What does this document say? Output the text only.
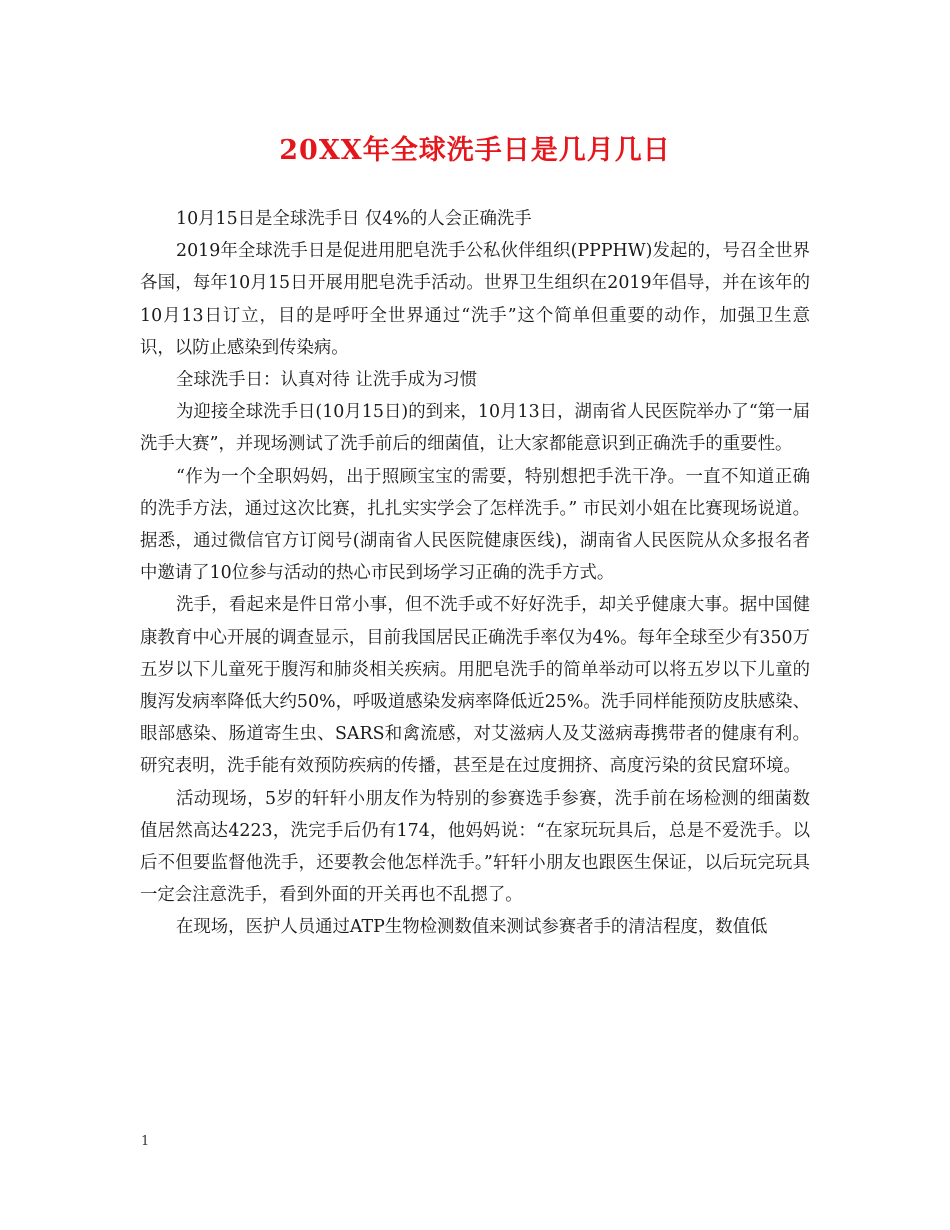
20XX年全球洗手日是几月几日

10月15日是全球洗手日 仅4%的人会正确洗手

2019年全球洗手日是促进用肥皂洗手公私伙伴组织(PPPHW)发起的，号召全世界各国，每年10月15日开展用肥皂洗手活动。世界卫生组织在2019年倡导，并在该年的10月13日订立，目的是呼吁全世界通过“洗手”这个简单但重要的动作，加强卫生意识，以防止感染到传染病。

全球洗手日：认真对待 让洗手成为习惯

为迎接全球洗手日(10月15日)的到来，10月13日，湖南省人民医院举办了“第一届洗手大赛”，并现场测试了洗手前后的细菌值，让大家都能意识到正确洗手的重要性。

“作为一个全职妈妈，出于照顾宝宝的需要，特别想把手洗干净。一直不知道正确的洗手方法，通过这次比赛，扎扎实实学会了怎样洗手。” 市民刘小姐在比赛现场说道。据悉，通过微信官方订阅号(湖南省人民医院健康医线)，湖南省人民医院从众多报名者中邀请了10位参与活动的热心市民到场学习正确的洗手方式。

洗手，看起来是件日常小事，但不洗手或不好好洗手，却关乎健康大事。据中国健康教育中心开展的调查显示，目前我国居民正确洗手率仅为4%。每年全球至少有350万五岁以下儿童死于腹泻和肺炎相关疾病。用肥皂洗手的简单举动可以将五岁以下儿童的腹泻发病率降低大约50%，呼吸道感染发病率降低近25%。洗手同样能预防皮肤感染、眼部感染、肠道寄生虫、SARS和禽流感，对艾滋病人及艾滋病毒携带者的健康有利。研究表明，洗手能有效预防疾病的传播，甚至是在过度拥挤、高度污染的贫民窟环境。

活动现场，5岁的轩轩小朋友作为特别的参赛选手参赛，洗手前在场检测的细菌数值居然高达4223，洗完手后仍有174，他妈妈说：“在家玩玩具后，总是不爱洗手。以后不但要监督他洗手，还要教会他怎样洗手。”轩轩小朋友也跟医生保证，以后玩完玩具一定会注意洗手，看到外面的开关再也不乱摁了。

在现场，医护人员通过ATP生物检测数值来测试参赛者手的清洁程度，数值低

1
